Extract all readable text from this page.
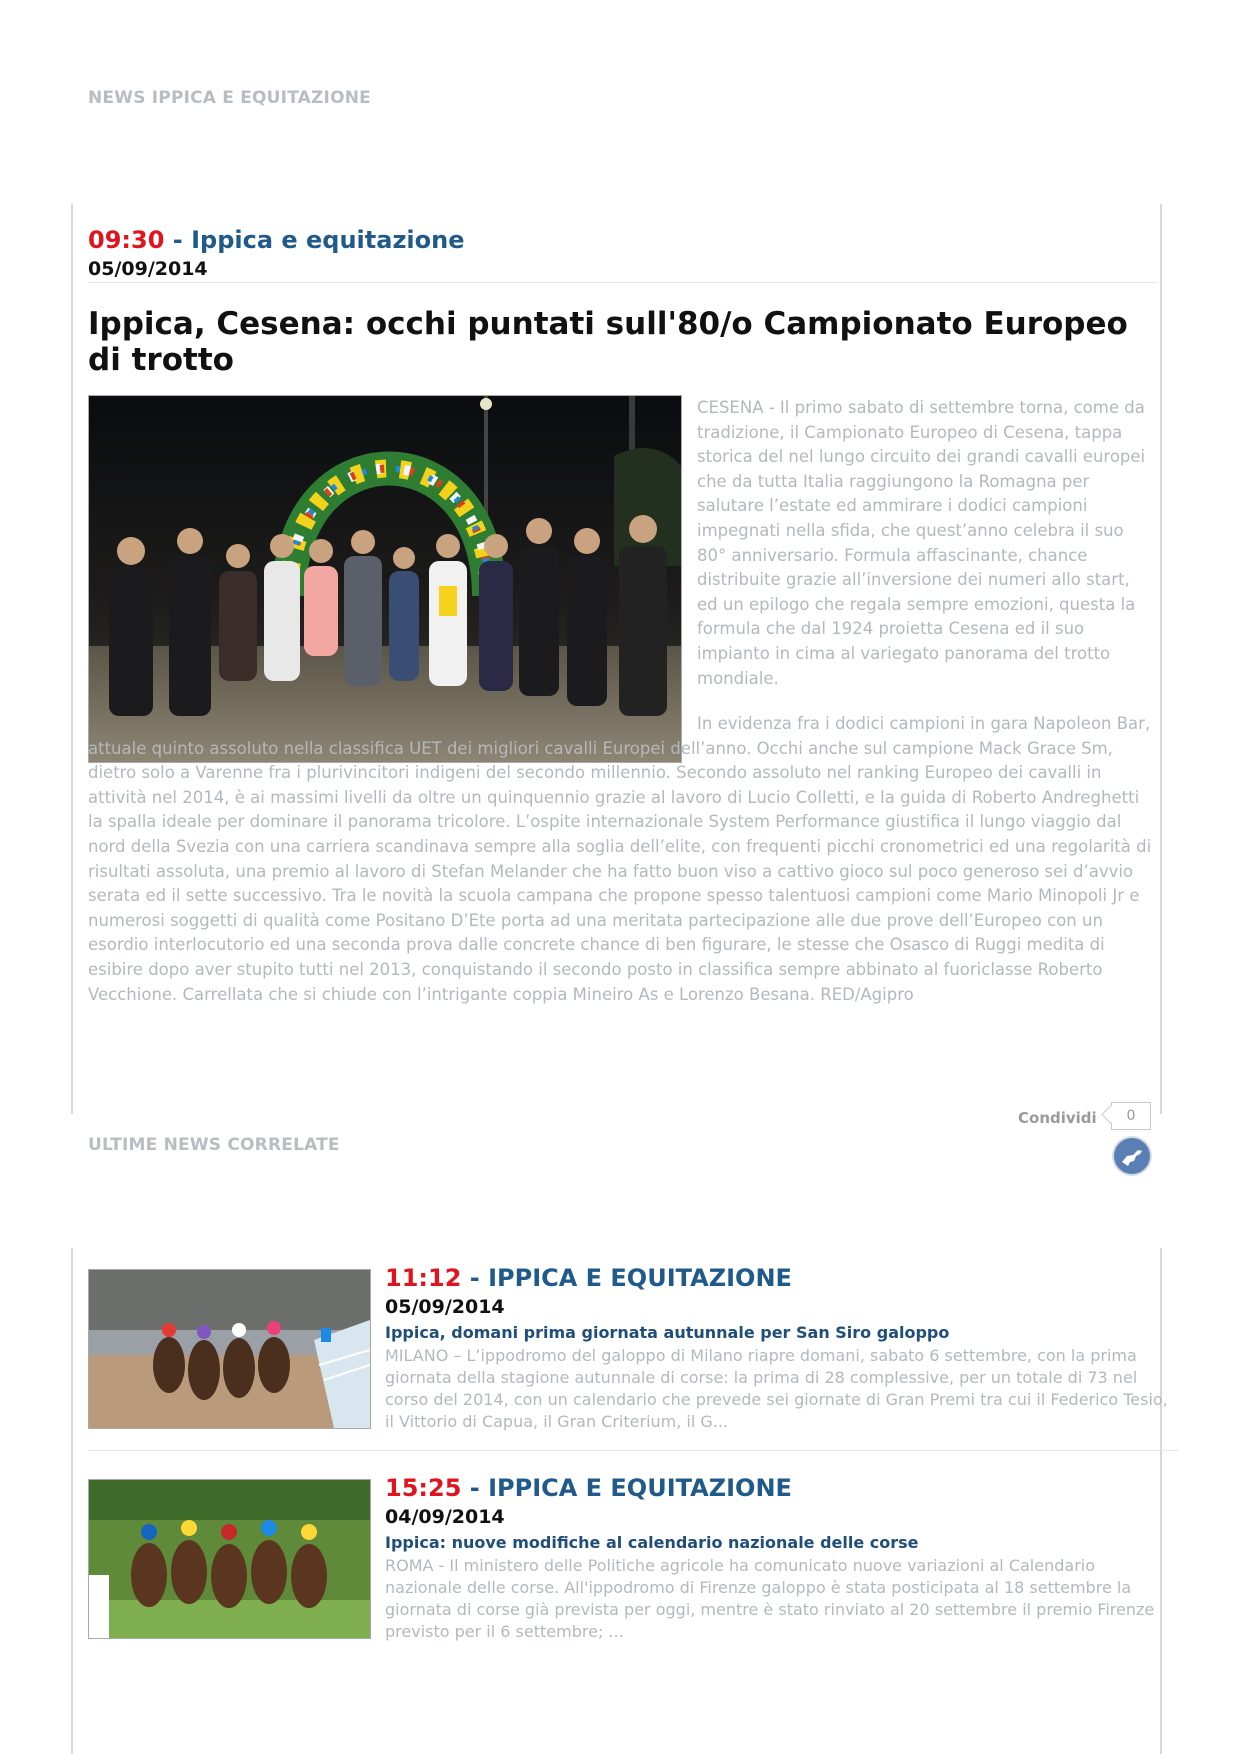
NEWS IPPICA E EQUITAZIONE
09:30 - Ippica e equitazione
05/09/2014
Ippica, Cesena: occhi puntati sull'80/o Campionato Europeo di trotto
CESENA - Il primo sabato di settembre torna, come da tradizione, il Campionato Europeo di Cesena, tappa storica del nel lungo circuito dei grandi cavalli europei che da tutta Italia raggiungono la Romagna per salutare l’estate ed ammirare i dodici campioni impegnati nella sfida, che quest’anno celebra il suo 80° anniversario. Formula affascinante, chance distribuite grazie all’inversione dei numeri allo start, ed un epilogo che regala sempre emozioni, questa la formula che dal 1924 proietta Cesena ed il suo impianto in cima al variegato panorama del trotto mondiale.
In evidenza fra i dodici campioni in gara Napoleon Bar, attuale quinto assoluto nella classifica UET dei migliori cavalli Europei dell’anno. Occhi anche sul campione Mack Grace Sm, dietro solo a Varenne fra i plurivincitori indigeni del secondo millennio. Secondo assoluto nel ranking Europeo dei cavalli in attività nel 2014, è ai massimi livelli da oltre un quinquennio grazie al lavoro di Lucio Colletti, e la guida di Roberto Andreghetti la spalla ideale per dominare il panorama tricolore. L’ospite internazionale System Performance giustifica il lungo viaggio dal nord della Svezia con una carriera scandinava sempre alla soglia dell’elite, con frequenti picchi cronometrici ed una regolarità di risultati assoluta, una premio al lavoro di Stefan Melander che ha fatto buon viso a cattivo gioco sul poco generoso sei d’avvio serata ed il sette successivo. Tra le novità la scuola campana che propone spesso talentuosi campioni come Mario Minopoli Jr e numerosi soggetti di qualità come Positano D’Ete porta ad una meritata partecipazione alle due prove dell’Europeo con un esordio interlocutorio ed una seconda prova dalle concrete chance di ben figurare, le stesse che Osasco di Ruggi medita di esibire dopo aver stupito tutti nel 2013, conquistando il secondo posto in classifica sempre abbinato al fuoriclasse Roberto Vecchione. Carrellata che si chiude con l’intrigante coppia Mineiro As e Lorenzo Besana. RED/Agipro
Condividi	0
ULTIME NEWS CORRELATE
11:12 - IPPICA E EQUITAZIONE
05/09/2014
Ippica, domani prima giornata autunnale per San Siro galoppo
MILANO – L’ippodromo del galoppo di Milano riapre domani, sabato 6 settembre, con la prima giornata della stagione autunnale di corse: la prima di 28 complessive, per un totale di 73 nel corso del 2014, con un calendario che prevede sei giornate di Gran Premi tra cui il Federico Tesio, il Vittorio di Capua, il Gran Criterium, il G...
15:25 - IPPICA E EQUITAZIONE
04/09/2014
Ippica: nuove modifiche al calendario nazionale delle corse
ROMA - Il ministero delle Politiche agricole ha comunicato nuove variazioni al Calendario nazionale delle corse. All'ippodromo di Firenze galoppo è stata posticipata al 18 settembre la giornata di corse già prevista per oggi, mentre è stato rinviato al 20 settembre il premio Firenze previsto per il 6 settembre; ...
